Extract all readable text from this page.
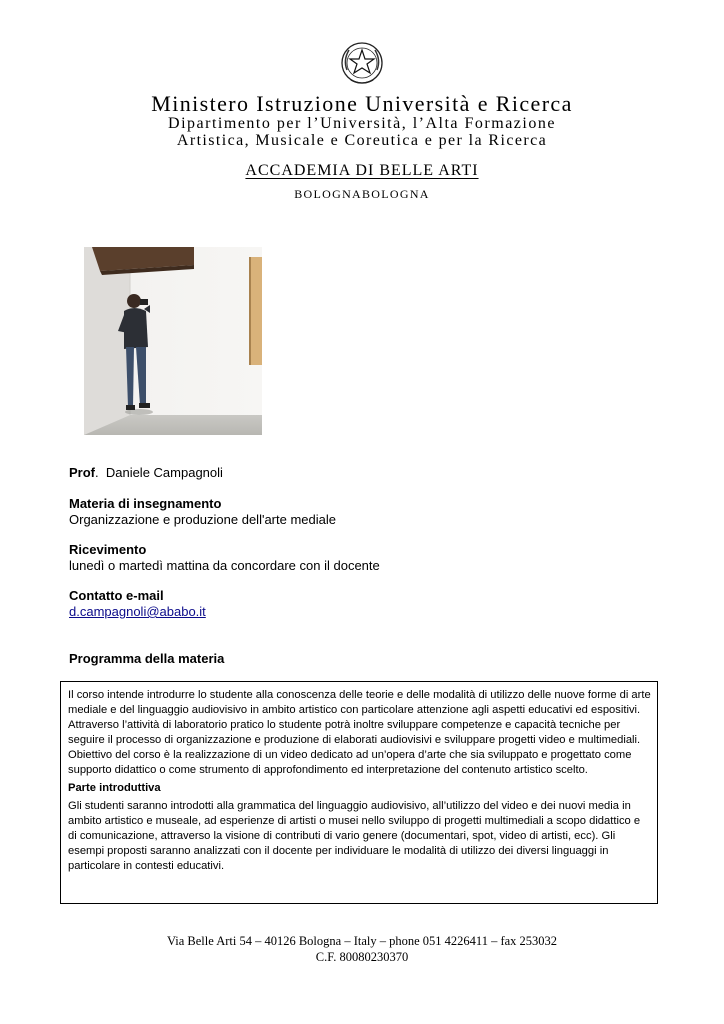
Ministero Istruzione Università e Ricerca
Dipartimento per l’Università, l’Alta Formazione
Artistica, Musicale e Coreutica e per la Ricerca
ACCADEMIA DI BELLE ARTI
BOLOGNABOLOGNA
Prof.  Daniele Campagnoli
Materia di insegnamento
Organizzazione e produzione dell'arte mediale
Ricevimento
lunedì o martedì mattina da concordare con il docente
Contatto e-mail
d.campagnoli@ababo.it
Programma della materia

Il corso intende introdurre lo studente alla conoscenza delle teorie e delle modalità di utilizzo delle nuove forme di arte mediale e del linguaggio audiovisivo in ambito artistico con particolare attenzione agli aspetti educativi ed espositivi. Attraverso l’attività di laboratorio pratico lo studente potrà inoltre sviluppare competenze e capacità tecniche per seguire il processo di organizzazione e produzione di elaborati audiovisivi e sviluppare progetti video e multimediali. Obiettivo del corso è la realizzazione di un video dedicato ad un’opera d’arte che sia sviluppato e progettato come supporto didattico o come strumento di approfondimento ed interpretazione del contenuto artistico scelto.

Parte introduttiva

Gli studenti saranno introdotti alla grammatica del linguaggio audiovisivo, all’utilizzo del video e dei nuovi media in ambito artistico e museale, ad esperienze di artisti o musei nello sviluppo di progetti multimediali a scopo didattico e di comunicazione, attraverso la visione di contributi di vario genere (documentari, spot, video di artisti, ecc). Gli esempi proposti saranno analizzati con il docente per individuare le modalità di utilizzo dei diversi linguaggi in particolare in contesti educativi.

Via Belle Arti 54 – 40126 Bologna – Italy – phone 051 4226411 – fax 253032
C.F. 80080230370
